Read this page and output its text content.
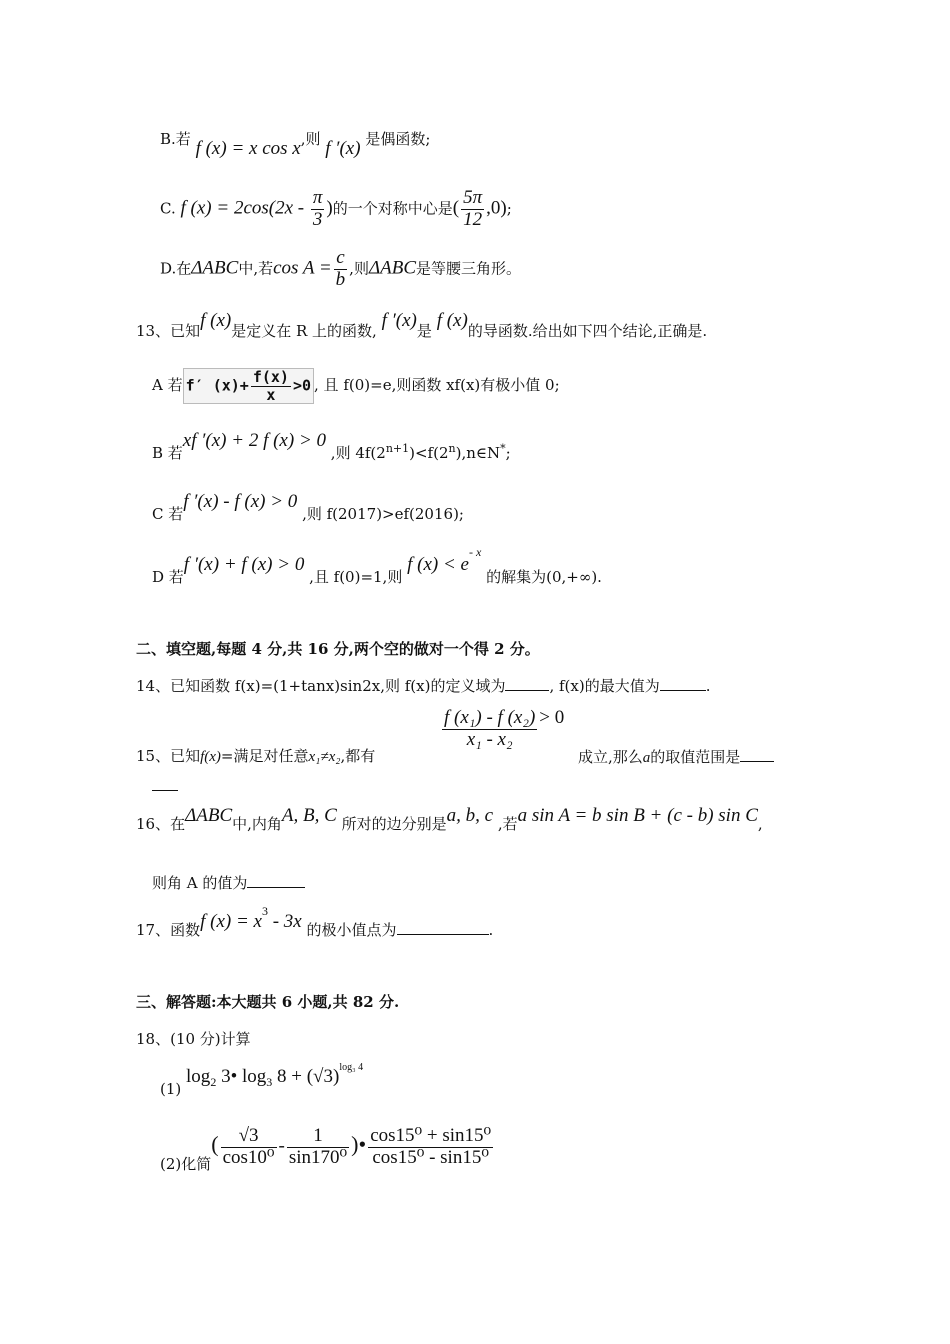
B.若 f (x) = x cos x,则 f ′(x) 是偶函数;
C. f $(x) = 2\cos(2x - \frac{\pi}{3}$ )的一个对称中心是( $\frac{5\pi}{12} ,0$);
D.在ΔABC中,若$\cos A = \frac{c}{b}$ ,则ΔABC是等腰三角形。
13、已知f (x)是定义在 R 上的函数, f ′(x)是 f (x)的导函数.给出如下四个结论,正确是.
A 若 f′ $(x)+ \frac{f(x)}{x} >0$ , 且 f(0)=e,则函数 xf(x)有极小值 0;
B 若xf ′(x) + 2 f (x) > 0 ,则 $4f(2^{n+1})<f(2^n),n\in N^*$;
C 若f ′(x) - f (x) > 0 ,则 f(2017)>ef(2016);
D 若f ′(x) + f (x) > 0 ,且 f(0)=1,则 f $(x) < e^{- x}$ 的解集为(0,+∞).
二、填空题,每题 4 分,共 16 分,两个空的做对一个得 2 分。
14、已知函数 f(x)=(1+tanx)sin2x,则 f(x)的定义域为	, f(x)的最大值为	.
$\frac{\text{f (x₁) - f (x₂)}}{\text{x₁ - x₂}} > 0$
15、已知f(x)=满足对任意x₁≠x₂,都有	成立,那么a的取值范围是
16、在ΔABC中,内角A, B, C 所对的边分别是a, b, c ,若a sin A = b sin B + (c - b) sin C,
则角 A 的值为
17、函数f $(x) = x^3 - 3x$ 的极小值点为	.
三、解答题:本大题共 6 小题,共 82 分.
18、(10 分)计算
(1) $\log_2$ 3• $\log_3 8 + (√3)^{log_3 4}$
(2)化简( $\frac{√3}{\text{cos10⁰}} - \frac{1}{\text{sin170⁰}}$ )• $\frac{\text{cos15⁰ + sin15⁰}}{\text{cos15⁰ - sin15⁰}}$
